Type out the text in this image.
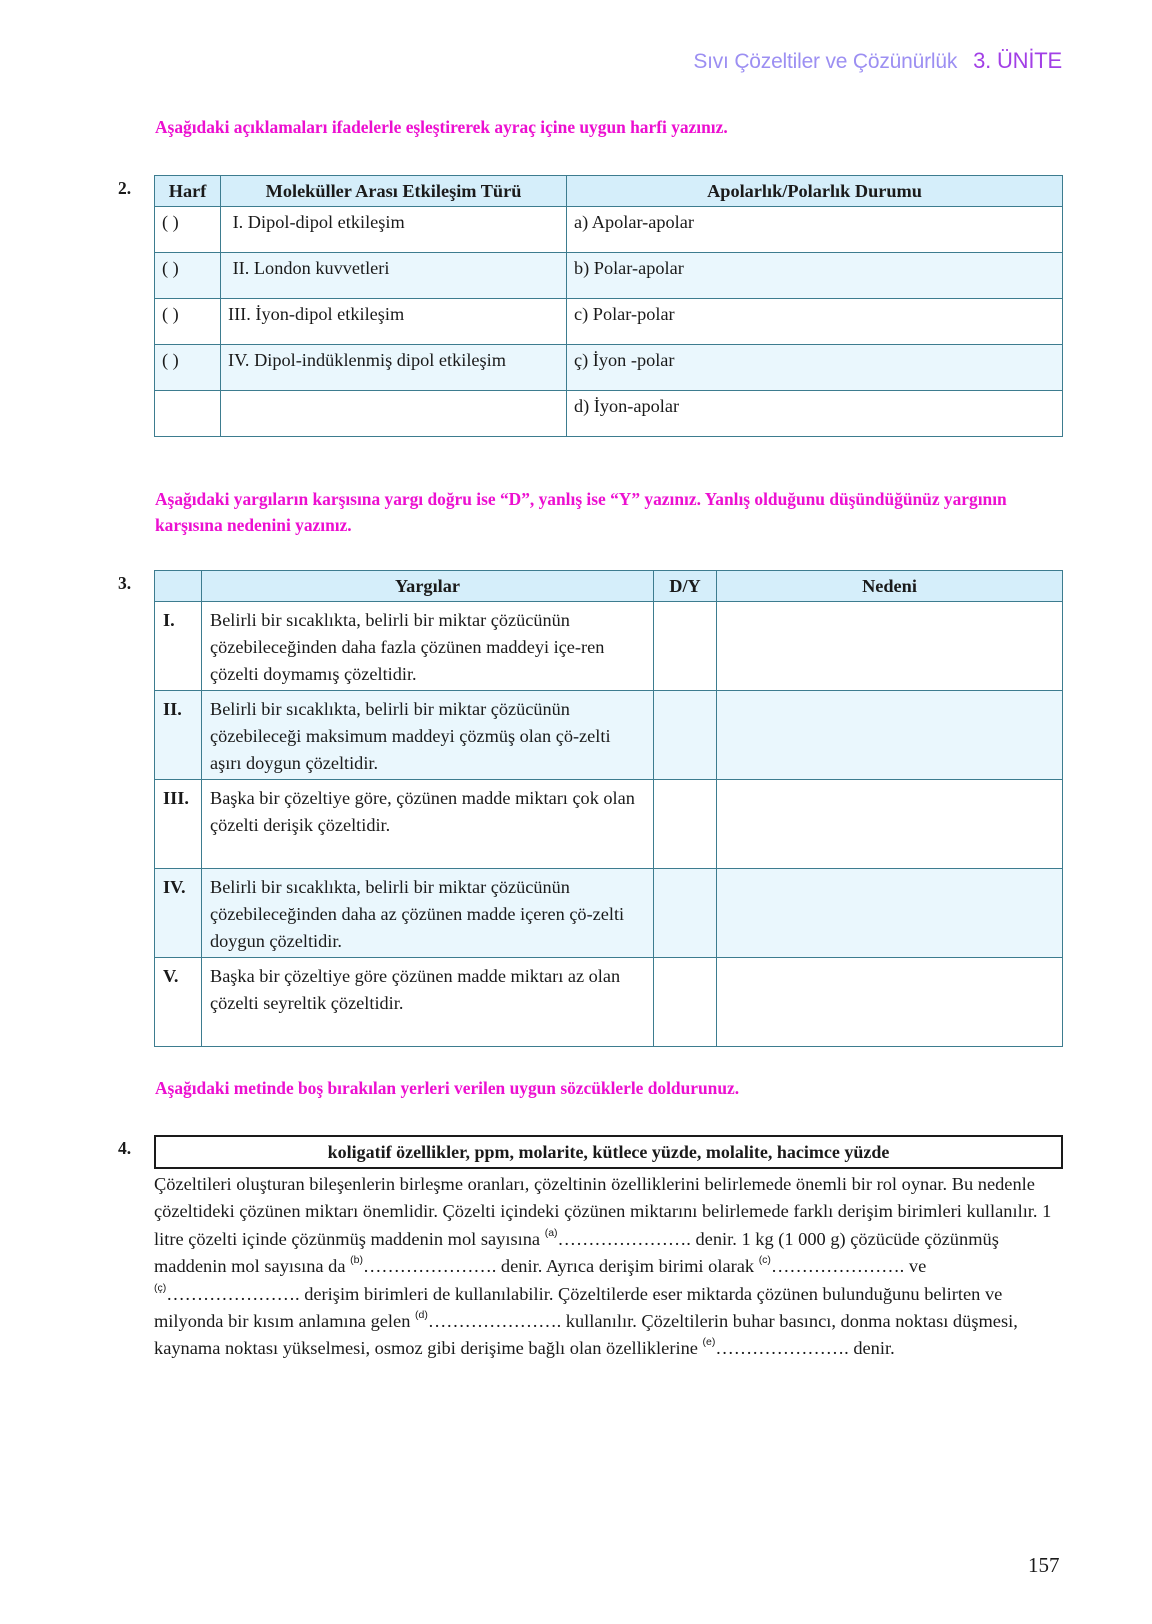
Sıvı Çözeltiler ve Çözünürlük 3. ÜNİTE
Aşağıdaki açıklamaları ifadelerle eşleştirerek ayraç içine uygun harfi yazınız.
2. Harf	Moleküller Arası Etkileşim Türü	Apolarlık/Polarlık Durumu
( )	I. Dipol-dipol etkileşim	a) Apolar-apolar
( )	II. London kuvvetleri	b) Polar-apolar
( )	III. İyon-dipol etkileşim	c) Polar-polar
( )	IV. Dipol-indüklenmiş dipol etkileşim	ç) İyon -polar
		d) İyon-apolar
Aşağıdaki yargıların karşısına yargı doğru ise “D”, yanlış ise “Y” yazınız. Yanlış olduğunu düşündüğünüz yargının karşısına nedenini yazınız.
3.
		Yargılar	D/Y	Nedeni
I.	Belirli bir sıcaklıkta, belirli bir miktar çözücünün çözebileceğinden daha fazla çözünen maddeyi içe-ren çözelti doymamış çözeltidir.		
II.	Belirli bir sıcaklıkta, belirli bir miktar çözücünün çözebileceği maksimum maddeyi çözmüş olan çö-zelti aşırı doygun çözeltidir.		
III.	Başka bir çözeltiye göre, çözünen madde miktarı çok olan çözelti derişik çözeltidir.		
IV.	Belirli bir sıcaklıkta, belirli bir miktar çözücünün çözebileceğinden daha az çözünen madde içeren çö-zelti doygun çözeltidir.		
V.	Başka bir çözeltiye göre çözünen madde miktarı az olan çözelti seyreltik çözeltidir.		
Aşağıdaki metinde boş bırakılan yerleri verilen uygun sözcüklerle doldurunuz.
4.	koligatif özellikler, ppm, molarite, kütlece yüzde, molalite, hacimce yüzde
Çözeltileri oluşturan bileşenlerin birleşme oranları, çözeltinin özelliklerini belirlemede önemli bir rol oynar. Bu nedenle çözeltideki çözünen miktarı önemlidir. Çözelti içindeki çözünen miktarını belirlemede farklı derişim birimleri kullanılır. 1 litre çözelti içinde çözünmüş maddenin mol sayısına $^{(a)}$…………………. denir. 1 kg (1 000 g) çözücüde çözünmüş maddenin mol sayısına da $^{(b)}$…………………. denir. Ayrıca derişim birimi olarak $^{(c)}$…………………. ve $^{(ç)}$…………………. derişim birimleri de kullanılabilir. Çözeltilerde eser miktarda çözünen bulunduğunu belirten ve milyonda bir kısım anlamına gelen $^{(d)}$…………………. kullanılır. Çözeltilerin buhar basıncı, donma noktası düşmesi, kaynama noktası yükselmesi, osmoz gibi derişime bağlı olan özelliklerine $^{(e)}$…………………. denir.
157
